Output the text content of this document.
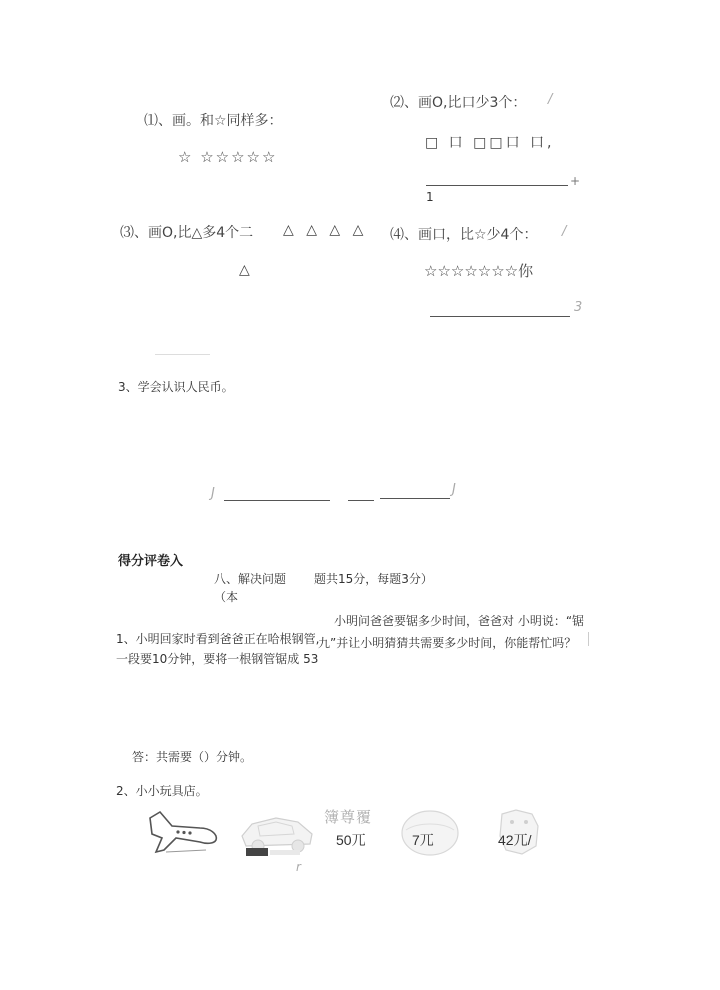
⑴、画。和☆同样多：
☆ ☆☆☆☆☆
⑵、画O,比口少3个： /
□ 口 □□口 口,
+
1
⑶、画O,比△多4个二 △ △ △ △
△
⑷、画口，比☆少4个： /
☆☆☆☆☆☆☆你
3
3、学会认识人民币。
J	J
得分评卷入
八、解决问题
（本
题共15分，每题3分）
1、小明回家时看到爸爸正在哈根钢管,
一段要10分钟，要将一根钢管锯成 53
小明问爸爸要锯多少时间，爸爸对 小明说：“锯
九”并让小明猜猜共需要多少时间，你能帮忙吗？
答：共需要（）分钟。
2、小小玩具店。
r
簿尊覆
50兀	7兀	42兀/
